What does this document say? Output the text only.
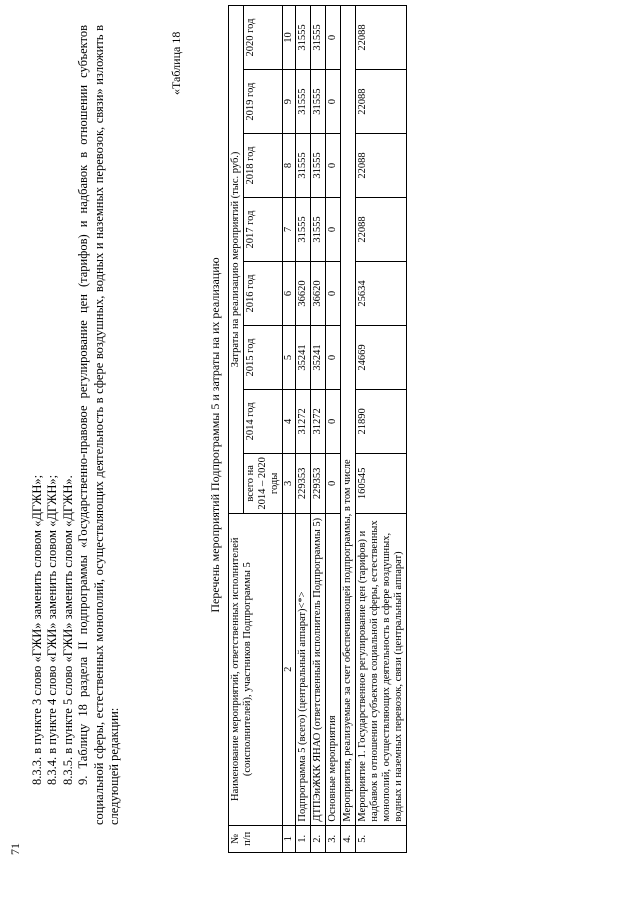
71

8.3.3. в пункте 3 слово «ГЖИ» заменить словом «ДГЖН»; 8.3.4. в пункте 4 слово «ГЖИ» заменить словом «ДГЖН»; 8.3.5. в пункте 5 слово «ГЖИ» заменить словом «ДГЖН». 9. Таблицу 18 раздела II подпрограммы «Государственно-правовое регулирование цен (тарифов) и надбавок в отношении субъектов социальной сферы, естественных монополий, осуществляющих деятельность в сфере воздушных, водных и наземных перевозок, связи» изложить в следующей редакции:

«Таблица 18
Перечень мероприятий Подпрограммы 5 и затраты на их реализацию
№ п/п	Наименование мероприятий, ответственных исполнителей (соисполнителей), участников Подпрограммы 5	Затраты на реализацию мероприятий (тыс. руб.)							
		всего на 2014 – 2020 годы	2014 год	2015 год	2016 год	2017 год	2018 год	2019 год	2020 год
1	2	3	4	5	6	7	8	9	10
1.	Подпрограмма 5 (всего) (центральный аппарат)<*>	229353	31272	35241	36620	31555	31555	31555	31555
2.	ДТПЭиЖКК ЯНАО (ответственный исполнитель Подпрограммы 5)	229353	31272	35241	36620	31555	31555	31555	31555
3.	Основные мероприятия	0	0	0	0	0	0	0	0
4.	Мероприятия, реализуемые за счет обеспечивающей подпрограммы, в том числе								
5.	Мероприятие 1. Государственное регулирование цен (тарифов) и надбавок в отношении субъектов социальной сферы, естественных монополий, осуществляющих деятельность в сфере воздушных, водных и наземных перевозок, связи (центральный аппарат)	160545	21890	24669	25634	22088	22088	22088	22088
